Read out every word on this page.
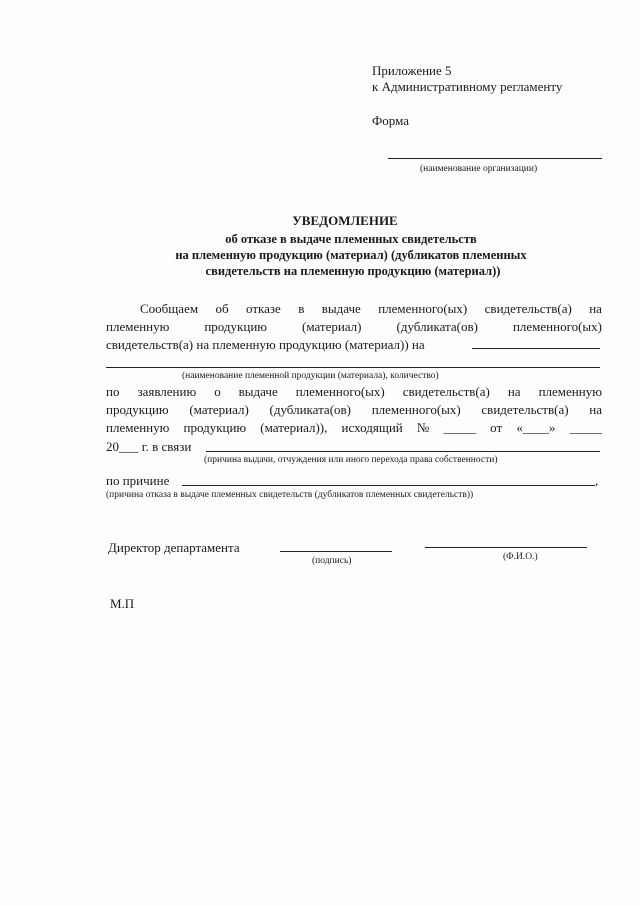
Приложение 5
к Административному регламенту
Форма
(наименование организации)
УВЕДОМЛЕНИЕ
об отказе в выдаче племенных свидетельств
на племенную продукцию (материал) (дубликатов племенных
свидетельств на племенную продукцию (материал))
Сообщаем об отказе в выдаче племенного(ых) свидетельств(а) на
племенную	продукцию	(материал)	(дубликата(ов)	племенного(ых)
свидетельств(а) на племенную продукцию (материал)) на
(наименование племенной продукции (материала), количество)
по заявлению о выдаче племенного(ых) свидетельств(а) на племенную
продукцию (материал) (дубликата(ов) племенного(ых) свидетельств(а) на
племенную продукцию (материал)), исходящий № _____ от «____» _____
20___ г. в связи
(причина выдачи, отчуждения или иного перехода права собственности)
по причине	,
(причина отказа в выдаче племенных свидетельств (дубликатов племенных свидетельств))
Директор департамента
(подпись)	(Ф.И.О.)
М.П
